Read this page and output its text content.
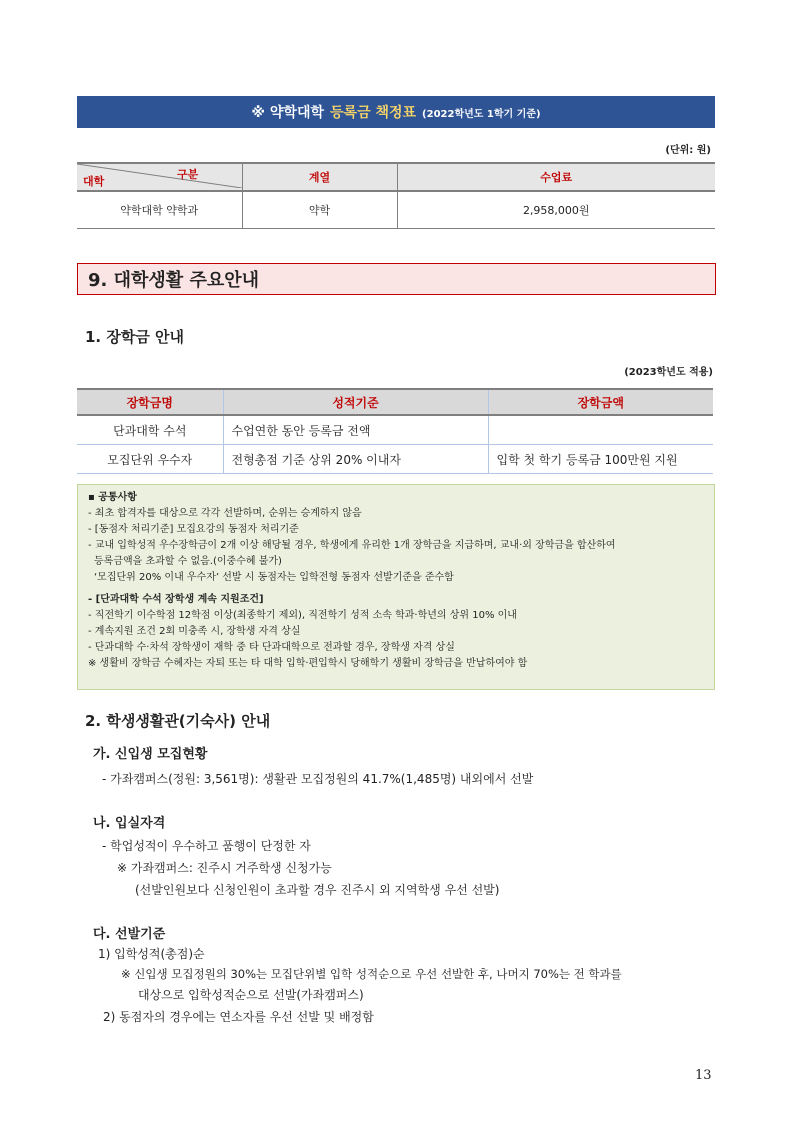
※ 약학대학 등록금 책정표 (2022학년도 1학기 기준)
(단위: 원)
구분
대학	계열	수업료
약학대학 약학과	약학	2,958,000원
9. 대학생활 주요안내
1. 장학금 안내
(2023학년도 적용)
장학금명	성적기준	장학금액
단과대학 수석	수업연한 동안 등록금 전액	
모집단위 우수자	전형총점 기준 상위 20% 이내자	입학 첫 학기 등록금 100만원 지원
▪ 공통사항
- 최초 합격자를 대상으로 각각 선발하며, 순위는 승계하지 않음
- [동점자 처리기준] 모집요강의 동점자 처리기준
- 교내 입학성적 우수장학금이 2개 이상 해당될 경우, 학생에게 유리한 1개 장학금을 지급하며, 교내·외 장학금을 합산하여
등록금액을 초과할 수 없음.(이중수혜 불가)
‘모집단위 20% 이내 우수자’ 선발 시 동점자는 입학전형 동점자 선발기준을 준수함
- [단과대학 수석 장학생 계속 지원조건]
- 직전학기 이수학점 12학점 이상(최종학기 제외), 직전학기 성적 소속 학과·학년의 상위 10% 이내
- 계속지원 조건 2회 미충족 시, 장학생 자격 상실
- 단과대학 수·차석 장학생이 재학 중 타 단과대학으로 전과할 경우, 장학생 자격 상실
※ 생활비 장학금 수혜자는 자퇴 또는 타 대학 입학·편입학시 당해학기 생활비 장학금을 반납하여야 함
2. 학생생활관(기숙사) 안내
가. 신입생 모집현황
- 가좌캠퍼스(정원: 3,561명): 생활관 모집정원의 41.7%(1,485명) 내외에서 선발
나. 입실자격
- 학업성적이 우수하고 품행이 단정한 자
※ 가좌캠퍼스: 진주시 거주학생 신청가능
(선발인원보다 신청인원이 초과할 경우 진주시 외 지역학생 우선 선발)
다. 선발기준
1) 입학성적(총점)순
※ 신입생 모집정원의 30%는 모집단위별 입학 성적순으로 우선 선발한 후, 나머지 70%는 전 학과를
대상으로 입학성적순으로 선발(가좌캠퍼스)
2) 동점자의 경우에는 연소자를 우선 선발 및 배정함
13
